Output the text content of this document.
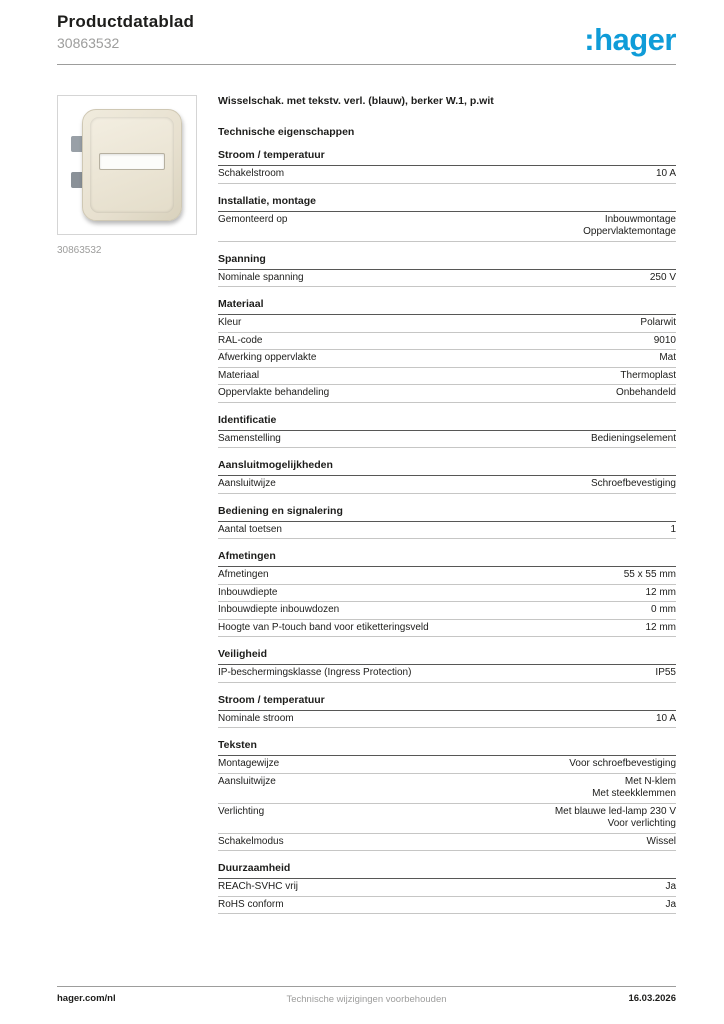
Productdatablad
30863532	:hager
30863532
Wisselschak. met tekstv. verl. (blauw), berker W.1, p.wit
Technische eigenschappen
Stroom / temperatuur
Schakelstroom	10 A
Installatie, montage
Gemonteerd op	Inbouwmontage
Oppervlaktemontage
Spanning
Nominale spanning	250 V
Materiaal
Kleur	Polarwit
RAL-code	9010
Afwerking oppervlakte	Mat
Materiaal	Thermoplast
Oppervlakte behandeling	Onbehandeld
Identificatie
Samenstelling	Bedieningselement
Aansluitmogelijkheden
Aansluitwijze	Schroefbevestiging
Bediening en signalering
Aantal toetsen	1
Afmetingen
Afmetingen	55 x 55 mm
Inbouwdiepte	12 mm
Inbouwdiepte inbouwdozen	0 mm
Hoogte van P-touch band voor etiketteringsveld	12 mm
Veiligheid
IP-beschermingsklasse (Ingress Protection)	IP55
Stroom / temperatuur
Nominale stroom	10 A
Teksten
Montagewijze	Voor schroefbevestiging
Aansluitwijze	Met N-klem
Met steekklemmen
Verlichting	Met blauwe led-lamp 230 V
Voor verlichting
Schakelmodus	Wissel
Duurzaamheid
REACh-SVHC vrij	Ja
RoHS conform	Ja
hager.com/nl	Technische wijzigingen voorbehouden	16.03.2026
